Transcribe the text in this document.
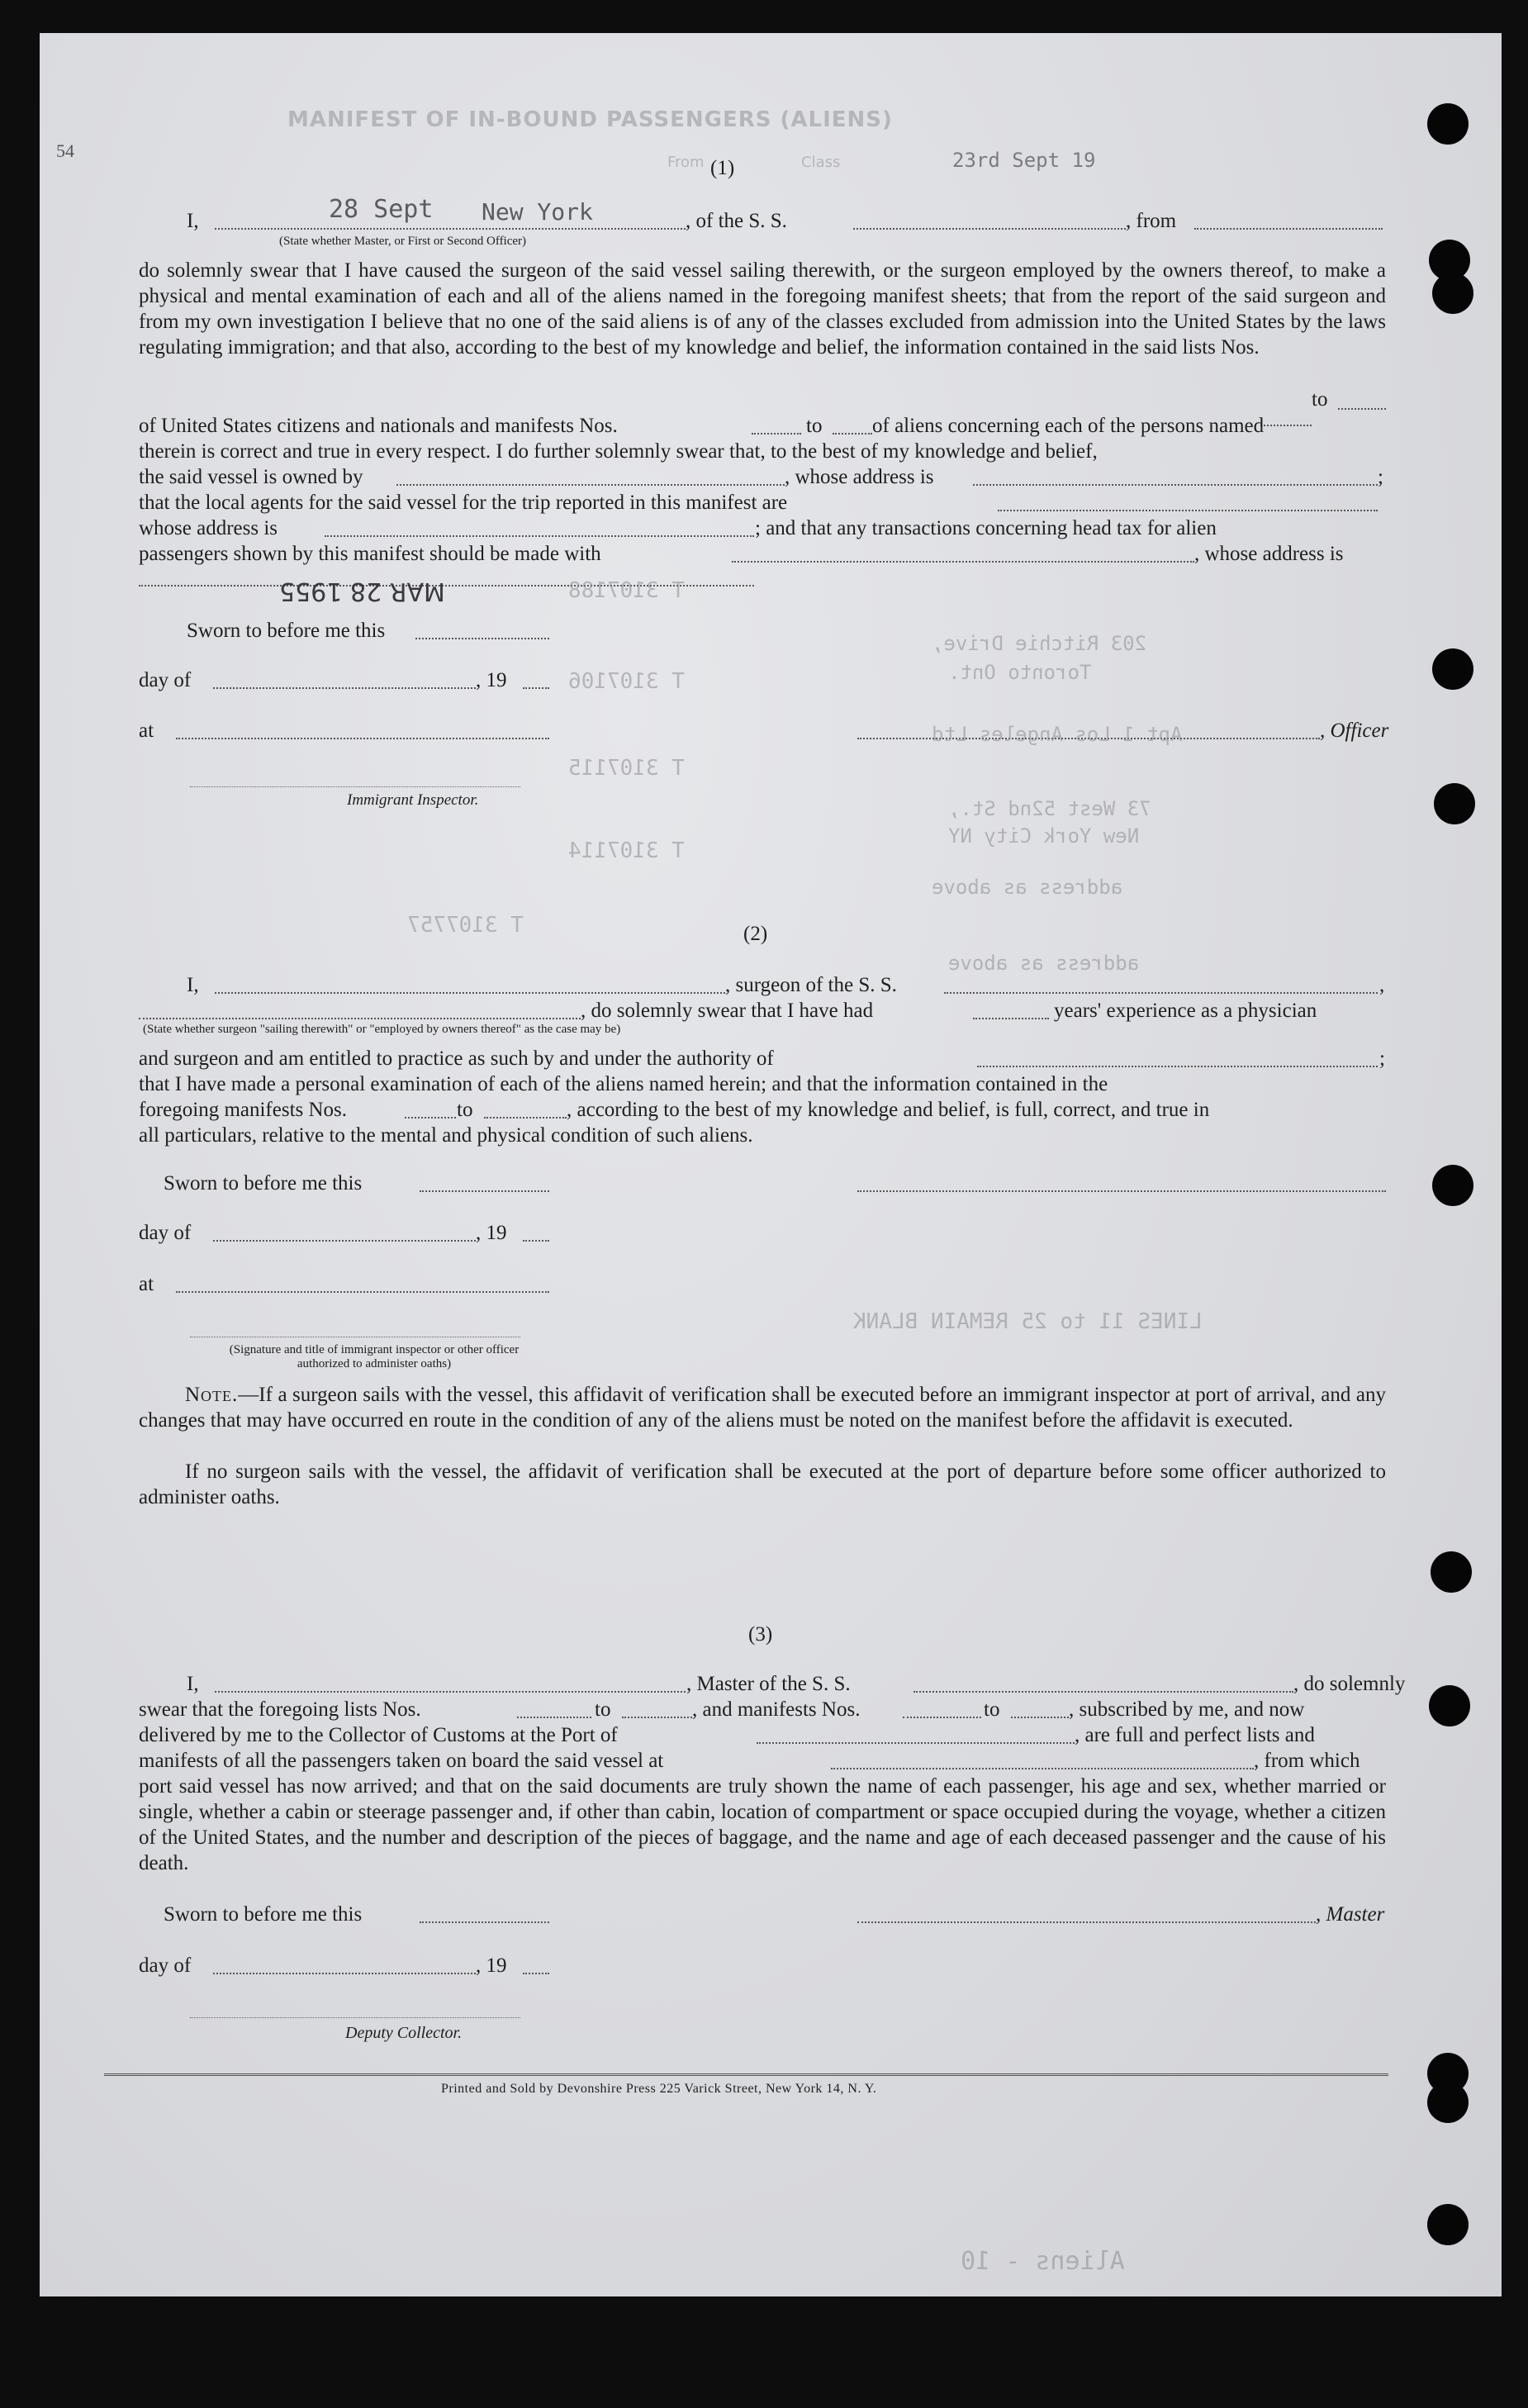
MANIFEST OF IN-BOUND PASSENGERS (ALIENS)
From	Class	23rd Sept 19
54
(1)
I,	28 Sept New York	, of the S. S.	, from
(State whether Master, or First or Second Officer)
do solemnly swear that I have caused the surgeon of the said vessel sailing therewith, or the surgeon employed by the owners thereof, to make a physical and mental examination of each and all of the aliens named in the foregoing manifest sheets; that from the report of the said surgeon and from my own investigation I believe that no one of the said aliens is of any of the classes excluded from admission into the United States by the laws regulating immigration; and that also, according to the best of my knowledge and belief, the information contained in the said lists Nos.
to
of United States citizens and nationals and manifests Nos.	to of aliens concerning each of the persons named
therein is correct and true in every respect. I do further solemnly swear that, to the best of my knowledge and belief,
the said vessel is owned by	, whose address is	;
that the local agents for the said vessel for the trip reported in this manifest are
whose address is	; and that any transactions concerning head tax for alien
passengers shown by this manifest should be made with	, whose address is
MAR 28 1955
Sworn to before me this
day of	, 19
at	, Officer
Immigrant Inspector.
(2)
I,	, surgeon of the S. S.	,
, do solemnly swear that I have had	years' experience as a physician
(State whether surgeon "sailing therewith" or "employed by owners thereof" as the case may be)
and surgeon and am entitled to practice as such by and under the authority of	;
that I have made a personal examination of each of the aliens named herein; and that the information contained in the
foregoing manifests Nos.	to	, according to the best of my knowledge and belief, is full, correct, and true in
all particulars, relative to the mental and physical condition of such aliens.
Sworn to before me this
day of	, 19
at
(Signature and title of immigrant inspector or other officer authorized to administer oaths)
Note.—If a surgeon sails with the vessel, this affidavit of verification shall be executed before an immigrant inspector at port of arrival, and any changes that may have occurred en route in the condition of any of the aliens must be noted on the manifest before the affidavit is executed.
If no surgeon sails with the vessel, the affidavit of verification shall be executed at the port of departure before some officer authorized to administer oaths.
(3)
I,	, Master of the S. S.	, do solemnly
swear that the foregoing lists Nos.	to	, and manifests Nos.	to	, subscribed by me, and now
delivered by me to the Collector of Customs at the Port of	, are full and perfect lists and
manifests of all the passengers taken on board the said vessel at	, from which
port said vessel has now arrived; and that on the said documents are truly shown the name of each passenger, his age and sex, whether married or single, whether a cabin or steerage passenger and, if other than cabin, location of compartment or space occupied during the voyage, whether a citizen of the United States, and the number and description of the pieces of baggage, and the name and age of each deceased passenger and the cause of his death.
Sworn to before me this	, Master
day of	, 19
Deputy Collector.
Printed and Sold by Devonshire Press 225 Varick Street, New York 14, N. Y.
Aliens - 10
T 3107188
T 3107106
T 3107115
T 3107114
T 3107757
LINES 11 to 25 REMAIN BLANK
203 Ritchie Drive,
Toronto Ont.
Apt 1 Los Angeles Ltd
73 West 52nd St.,
New York City NY
address as above
address as above
